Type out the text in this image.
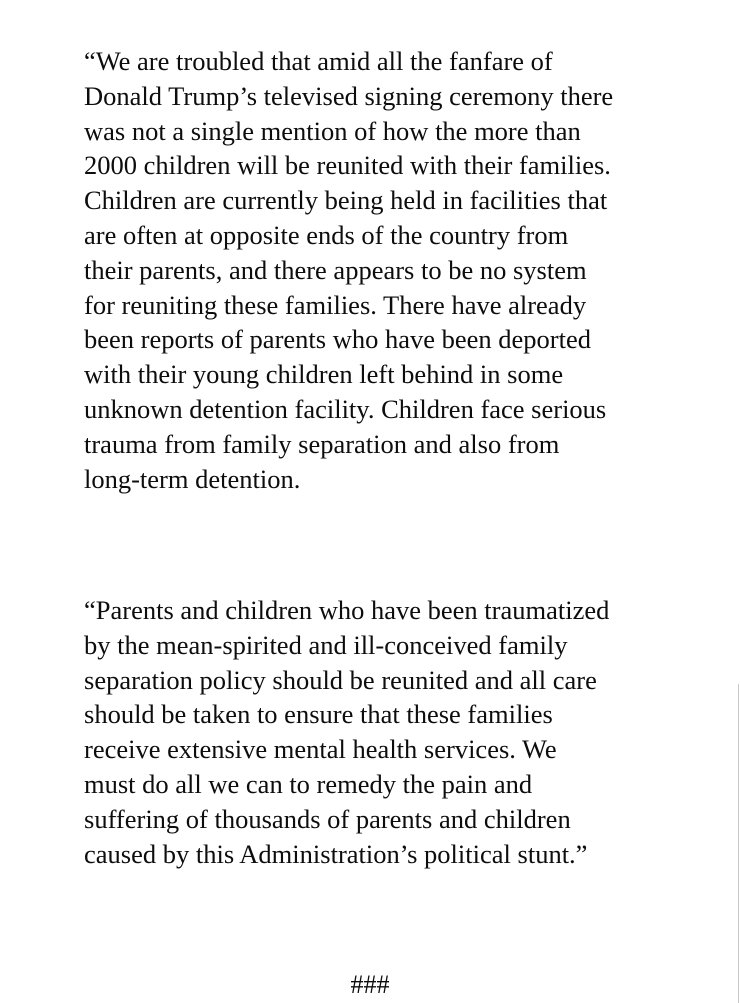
“We are troubled that amid all the fanfare of
Donald Trump’s televised signing ceremony there
was not a single mention of how the more than
2000 children will be reunited with their families.
Children are currently being held in facilities that
are often at opposite ends of the country from
their parents, and there appears to be no system
for reuniting these families. There have already
been reports of parents who have been deported
with their young children left behind in some
unknown detention facility. Children face serious
trauma from family separation and also from
long-term detention.

“Parents and children who have been traumatized
by the mean-spirited and ill-conceived family
separation policy should be reunited and all care
should be taken to ensure that these families
receive extensive mental health services. We
must do all we can to remedy the pain and
suffering of thousands of parents and children
caused by this Administration’s political stunt.”

###
